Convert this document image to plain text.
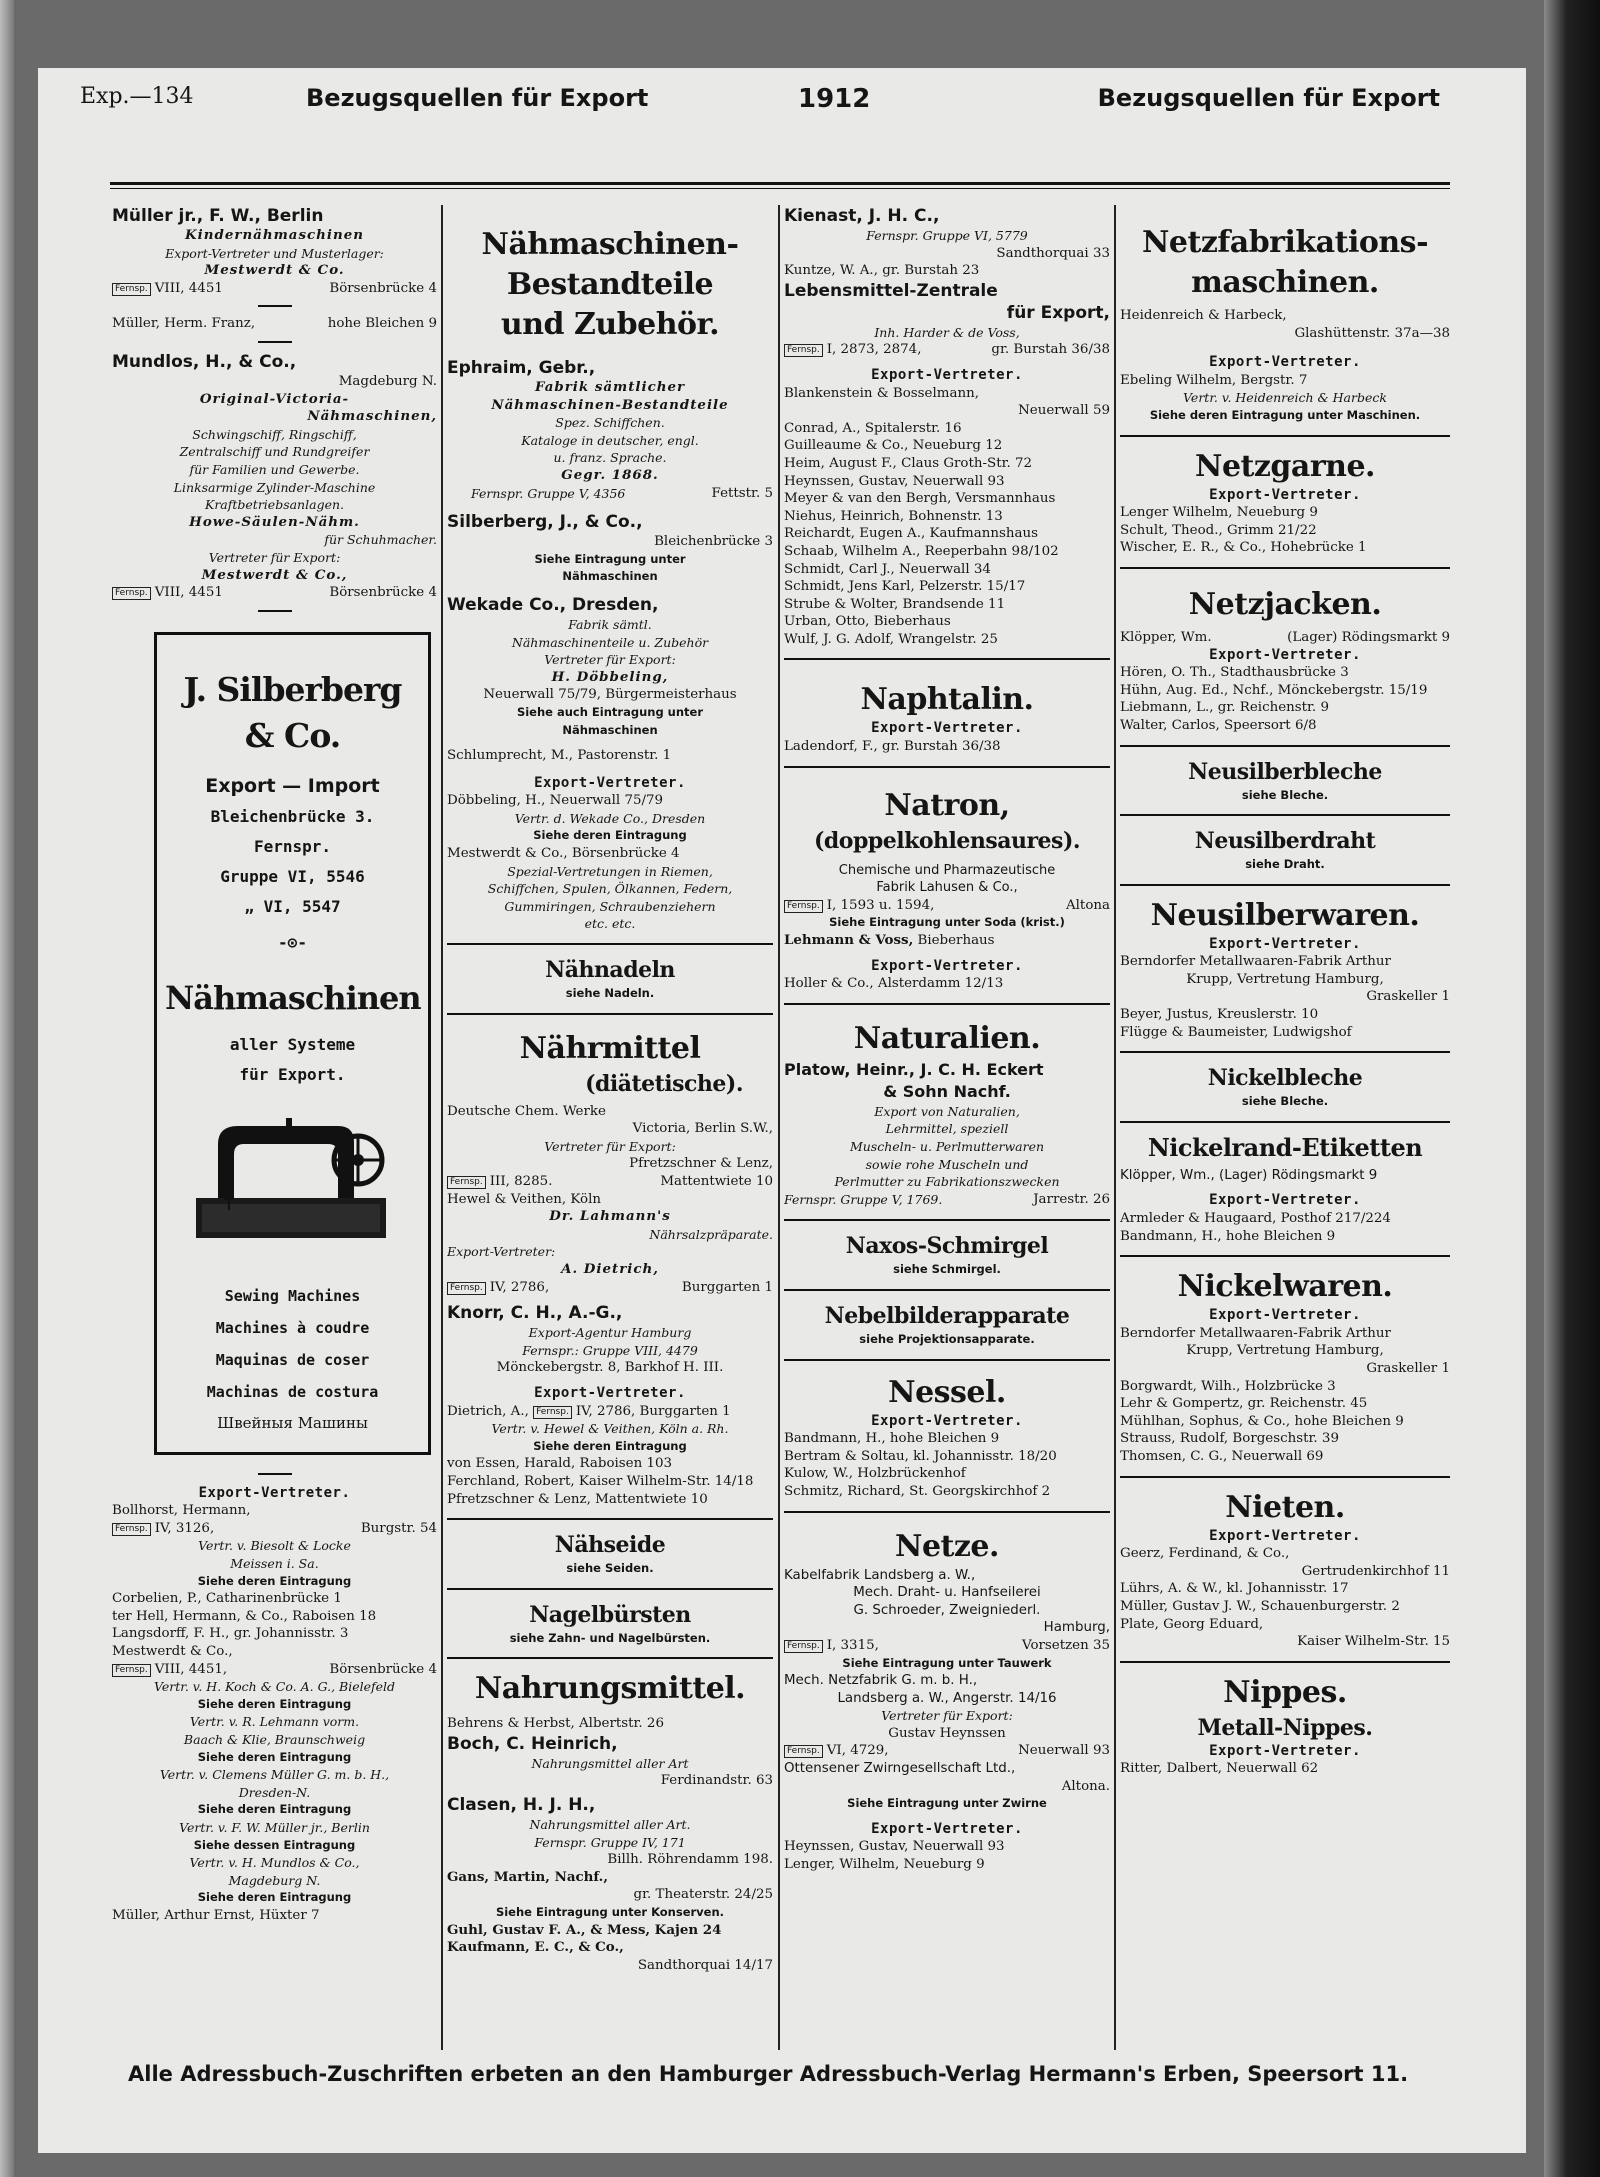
Exp.—134	Bezugsquellen für Export	1912	Bezugsquellen für Export
Müller jr., F. W., Berlin
Kindernähmaschinen
Export-Vertreter und Musterlager:
Mestwerdt & Co.
Fernsp. VIII, 4451	Börsenbrücke 4
Müller, Herm. Franz,	hohe Bleichen 9
Mundlos, H., & Co.,
Magdeburg N.
Original-Victoria-
Nähmaschinen,
Schwingschiff, Ringschiff,
Zentralschiff und Rundgreifer
für Familien und Gewerbe.
Linksarmige Zylinder-Maschine
Kraftbetriebsanlagen.
Howe-Säulen-Nähm.
für Schuhmacher.
Vertreter für Export:
Mestwerdt & Co.,
Fernsp. VIII, 4451	Börsenbrücke 4
J. Silberberg & Co.
Export — Import
Bleichenbrücke 3.
Fernspr.
Gruppe VI, 5546
„ VI, 5547
-⊙-
Nähmaschinen
aller Systeme
für Export.
Sewing Machines
Machines à coudre
Maquinas de coser
Machinas de costura
Швейныя Машины
Export-Vertreter.
Bollhorst, Hermann,
Fernsp. IV, 3126,	Burgstr. 54
Vertr. v. Biesolt & Locke
Meissen i. Sa.
Siehe deren Eintragung
Corbelien, P., Catharinenbrücke 1
ter Hell, Hermann, & Co., Raboisen 18
Langsdorff, F. H., gr. Johannisstr. 3
Mestwerdt & Co.,
Fernsp. VIII, 4451,	Börsenbrücke 4
Vertr. v. H. Koch & Co. A. G., Bielefeld
Siehe deren Eintragung
Vertr. v. R. Lehmann vorm.
Baach & Klie, Braunschweig
Siehe deren Eintragung
Vertr. v. Clemens Müller G. m. b. H.,
Dresden-N.
Siehe deren Eintragung
Vertr. v. F. W. Müller jr., Berlin
Siehe dessen Eintragung
Vertr. v. H. Mundlos & Co.,
Magdeburg N.
Siehe deren Eintragung
Müller, Arthur Ernst, Hüxter 7
Nähmaschinen-
Bestandteile
und Zubehör.
Ephraim, Gebr.,
Fabrik sämtlicher
Nähmaschinen-Bestandteile
Spez. Schiffchen.
Kataloge in deutscher, engl.
u. franz. Sprache.
Gegr. 1868.
Fernspr. Gruppe V, 4356	Fettstr. 5
Silberberg, J., & Co.,
Bleichenbrücke 3
Siehe Eintragung unter
Nähmaschinen
Wekade Co., Dresden,
Fabrik sämtl.
Nähmaschinenteile u. Zubehör
Vertreter für Export:
H. Döbbeling,
Neuerwall 75/79, Bürgermeisterhaus
Siehe auch Eintragung unter
Nähmaschinen
Schlumprecht, M., Pastorenstr. 1
Export-Vertreter.
Döbbeling, H., Neuerwall 75/79
Vertr. d. Wekade Co., Dresden
Siehe deren Eintragung
Mestwerdt & Co., Börsenbrücke 4
Spezial-Vertretungen in Riemen,
Schiffchen, Spulen, Ölkannen, Federn,
Gummiringen, Schraubenziehern
etc. etc.
Nähnadeln
siehe Nadeln.
Nährmittel
(diätetische).
Deutsche Chem. Werke
Victoria, Berlin S.W.,
Vertreter für Export:
Pfretzschner & Lenz,
Fernsp. III, 8285.	Mattentwiete 10
Hewel & Veithen, Köln
Dr. Lahmann's
Nährsalzpräparate.
Export-Vertreter:
A. Dietrich,
Fernsp. IV, 2786,	Burggarten 1
Knorr, C. H., A.-G.,
Export-Agentur Hamburg
Fernspr.: Gruppe VIII, 4479
Mönckebergstr. 8, Barkhof H. III.
Export-Vertreter.
Dietrich, A., Fernsp. IV, 2786, Burggarten 1
Vertr. v. Hewel & Veithen, Köln a. Rh.
Siehe deren Eintragung
von Essen, Harald, Raboisen 103
Ferchland, Robert, Kaiser Wilhelm-Str. 14/18
Pfretzschner & Lenz, Mattentwiete 10
Nähseide
siehe Seiden.
Nagelbürsten
siehe Zahn- und Nagelbürsten.
Nahrungsmittel.
Behrens & Herbst, Albertstr. 26
Boch, C. Heinrich,
Nahrungsmittel aller Art
Ferdinandstr. 63
Clasen, H. J. H.,
Nahrungsmittel aller Art.
Fernspr. Gruppe IV, 171
Billh. Röhrendamm 198.
Gans, Martin, Nachf.,
gr. Theaterstr. 24/25
Siehe Eintragung unter Konserven.
Guhl, Gustav F. A., & Mess, Kajen 24
Kaufmann, E. C., & Co.,
Sandthorquai 14/17
Kienast, J. H. C.,
Fernspr. Gruppe VI, 5779
Sandthorquai 33
Kuntze, W. A., gr. Burstah 23
Lebensmittel-Zentrale
für Export,
Inh. Harder & de Voss,
Fernsp. I, 2873, 2874,	gr. Burstah 36/38
Export-Vertreter.
Blankenstein & Bosselmann,
Neuerwall 59
Conrad, A., Spitalerstr. 16
Guilleaume & Co., Neueburg 12
Heim, August F., Claus Groth-Str. 72
Heynssen, Gustav, Neuerwall 93
Meyer & van den Bergh, Versmannhaus
Niehus, Heinrich, Bohnenstr. 13
Reichardt, Eugen A., Kaufmannshaus
Schaab, Wilhelm A., Reeperbahn 98/102
Schmidt, Carl J., Neuerwall 34
Schmidt, Jens Karl, Pelzerstr. 15/17
Strube & Wolter, Brandsende 11
Urban, Otto, Bieberhaus
Wulf, J. G. Adolf, Wrangelstr. 25
Naphtalin.
Export-Vertreter.
Ladendorf, F., gr. Burstah 36/38
Natron,
(doppelkohlensaures).
Chemische und Pharmazeutische
Fabrik Lahusen & Co.,
Fernsp. I, 1593 u. 1594,	Altona
Siehe Eintragung unter Soda (krist.)
Lehmann & Voss, Bieberhaus
Export-Vertreter.
Holler & Co., Alsterdamm 12/13
Naturalien.
Platow, Heinr., J. C. H. Eckert
& Sohn Nachf.
Export von Naturalien,
Lehrmittel, speziell
Muscheln- u. Perlmutterwaren
sowie rohe Muscheln und
Perlmutter zu Fabrikationszwecken
Fernspr. Gruppe V, 1769.	Jarrestr. 26
Naxos-Schmirgel
siehe Schmirgel.
Nebelbilderapparate
siehe Projektionsapparate.
Nessel.
Export-Vertreter.
Bandmann, H., hohe Bleichen 9
Bertram & Soltau, kl. Johannisstr. 18/20
Kulow, W., Holzbrückenhof
Schmitz, Richard, St. Georgskirchhof 2
Netze.
Kabelfabrik Landsberg a. W.,
Mech. Draht- u. Hanfseilerei
G. Schroeder, Zweigniederl.
Hamburg,
Fernsp. I, 3315,	Vorsetzen 35
Siehe Eintragung unter Tauwerk
Mech. Netzfabrik G. m. b. H.,
Landsberg a. W., Angerstr. 14/16
Vertreter für Export:
Gustav Heynssen
Fernsp. VI, 4729,	Neuerwall 93
Ottensener Zwirngesellschaft Ltd.,
Altona.
Siehe Eintragung unter Zwirne
Export-Vertreter.
Heynssen, Gustav, Neuerwall 93
Lenger, Wilhelm, Neueburg 9
Netzfabrikations-
maschinen.
Heidenreich & Harbeck,
Glashüttenstr. 37a—38
Export-Vertreter.
Ebeling Wilhelm, Bergstr. 7
Vertr. v. Heidenreich & Harbeck
Siehe deren Eintragung unter Maschinen.
Netzgarne.
Export-Vertreter.
Lenger Wilhelm, Neueburg 9
Schult, Theod., Grimm 21/22
Wischer, E. R., & Co., Hohebrücke 1
Netzjacken.
Klöpper, Wm.	(Lager) Rödingsmarkt 9
Export-Vertreter.
Hören, O. Th., Stadthausbrücke 3
Hühn, Aug. Ed., Nchf., Mönckebergstr. 15/19
Liebmann, L., gr. Reichenstr. 9
Walter, Carlos, Speersort 6/8
Neusilberbleche
siehe Bleche.
Neusilberdraht
siehe Draht.
Neusilberwaren.
Export-Vertreter.
Berndorfer Metallwaaren-Fabrik Arthur
Krupp, Vertretung Hamburg,
Graskeller 1
Beyer, Justus, Kreuslerstr. 10
Flügge & Baumeister, Ludwigshof
Nickelbleche
siehe Bleche.
Nickelrand-Etiketten
Klöpper, Wm., (Lager) Rödingsmarkt 9
Export-Vertreter.
Armleder & Haugaard, Posthof 217/224
Bandmann, H., hohe Bleichen 9
Nickelwaren.
Export-Vertreter.
Berndorfer Metallwaaren-Fabrik Arthur
Krupp, Vertretung Hamburg,
Graskeller 1
Borgwardt, Wilh., Holzbrücke 3
Lehr & Gompertz, gr. Reichenstr. 45
Mühlhan, Sophus, & Co., hohe Bleichen 9
Strauss, Rudolf, Borgeschstr. 39
Thomsen, C. G., Neuerwall 69
Nieten.
Export-Vertreter.
Geerz, Ferdinand, & Co.,
Gertrudenkirchhof 11
Lührs, A. & W., kl. Johannisstr. 17
Müller, Gustav J. W., Schauenburgerstr. 2
Plate, Georg Eduard,
Kaiser Wilhelm-Str. 15
Nippes.
Metall-Nippes.
Export-Vertreter.
Ritter, Dalbert, Neuerwall 62
Alle Adressbuch-Zuschriften erbeten an den Hamburger Adressbuch-Verlag Hermann's Erben, Speersort 11.
